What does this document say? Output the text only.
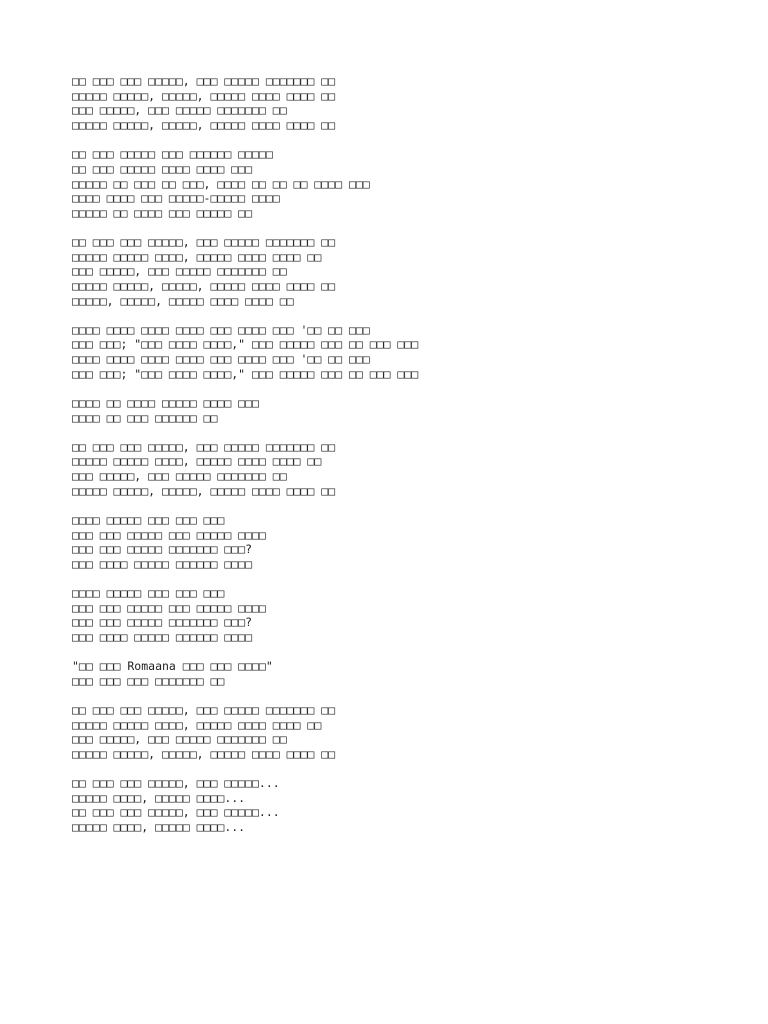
□□ □□□ □□□ □□□□□, □□□ □□□□□ □□□□□□□ □□
□□□□□ □□□□□, □□□□□, □□□□□ □□□□ □□□□ □□
□□□ □□□□□, □□□ □□□□□ □□□□□□□ □□
□□□□□ □□□□□, □□□□□, □□□□□ □□□□ □□□□ □□
□□ □□□ □□□□□ □□□ □□□□□□ □□□□□
□□ □□□ □□□□□ □□□□ □□□□ □□□
□□□□□ □□ □□□ □□ □□□, □□□□ □□ □□ □□ □□□□ □□□
□□□□ □□□□ □□□ □□□□□-□□□□□ □□□□
□□□□□ □□ □□□□ □□□ □□□□□ □□
□□ □□□ □□□ □□□□□, □□□ □□□□□ □□□□□□□ □□
□□□□□ □□□□□ □□□□, □□□□□ □□□□ □□□□ □□
□□□ □□□□□, □□□ □□□□□ □□□□□□□ □□
□□□□□ □□□□□, □□□□□, □□□□□ □□□□ □□□□ □□
□□□□□, □□□□□, □□□□□ □□□□ □□□□ □□
□□□□ □□□□ □□□□ □□□□ □□□ □□□□ □□□ '□□ □□ □□□
□□□ □□□; "□□□ □□□□ □□□□," □□□ □□□□□ □□□ □□ □□□ □□□
□□□□ □□□□ □□□□ □□□□ □□□ □□□□ □□□ '□□ □□ □□□
□□□ □□□; "□□□ □□□□ □□□□," □□□ □□□□□ □□□ □□ □□□ □□□
□□□□ □□ □□□□ □□□□□ □□□□ □□□
□□□□ □□ □□□ □□□□□□ □□
□□ □□□ □□□ □□□□□, □□□ □□□□□ □□□□□□□ □□
□□□□□ □□□□□ □□□□, □□□□□ □□□□ □□□□ □□
□□□ □□□□□, □□□ □□□□□ □□□□□□□ □□
□□□□□ □□□□□, □□□□□, □□□□□ □□□□ □□□□ □□
□□□□ □□□□□ □□□ □□□ □□□
□□□ □□□ □□□□□ □□□ □□□□□ □□□□
□□□ □□□ □□□□□ □□□□□□□ □□□?
□□□ □□□□ □□□□□ □□□□□□ □□□□
□□□□ □□□□□ □□□ □□□ □□□
□□□ □□□ □□□□□ □□□ □□□□□ □□□□
□□□ □□□ □□□□□ □□□□□□□ □□□?
□□□ □□□□ □□□□□ □□□□□□ □□□□
"□□ □□□ Romaana □□□ □□□ □□□□"
□□□ □□□ □□□ □□□□□□□ □□
□□ □□□ □□□ □□□□□, □□□ □□□□□ □□□□□□□ □□
□□□□□ □□□□□ □□□□, □□□□□ □□□□ □□□□ □□
□□□ □□□□□, □□□ □□□□□ □□□□□□□ □□
□□□□□ □□□□□, □□□□□, □□□□□ □□□□ □□□□ □□
□□ □□□ □□□ □□□□□, □□□ □□□□□...
□□□□□ □□□□, □□□□□ □□□□...
□□ □□□ □□□ □□□□□, □□□ □□□□□...
□□□□□ □□□□, □□□□□ □□□□...
